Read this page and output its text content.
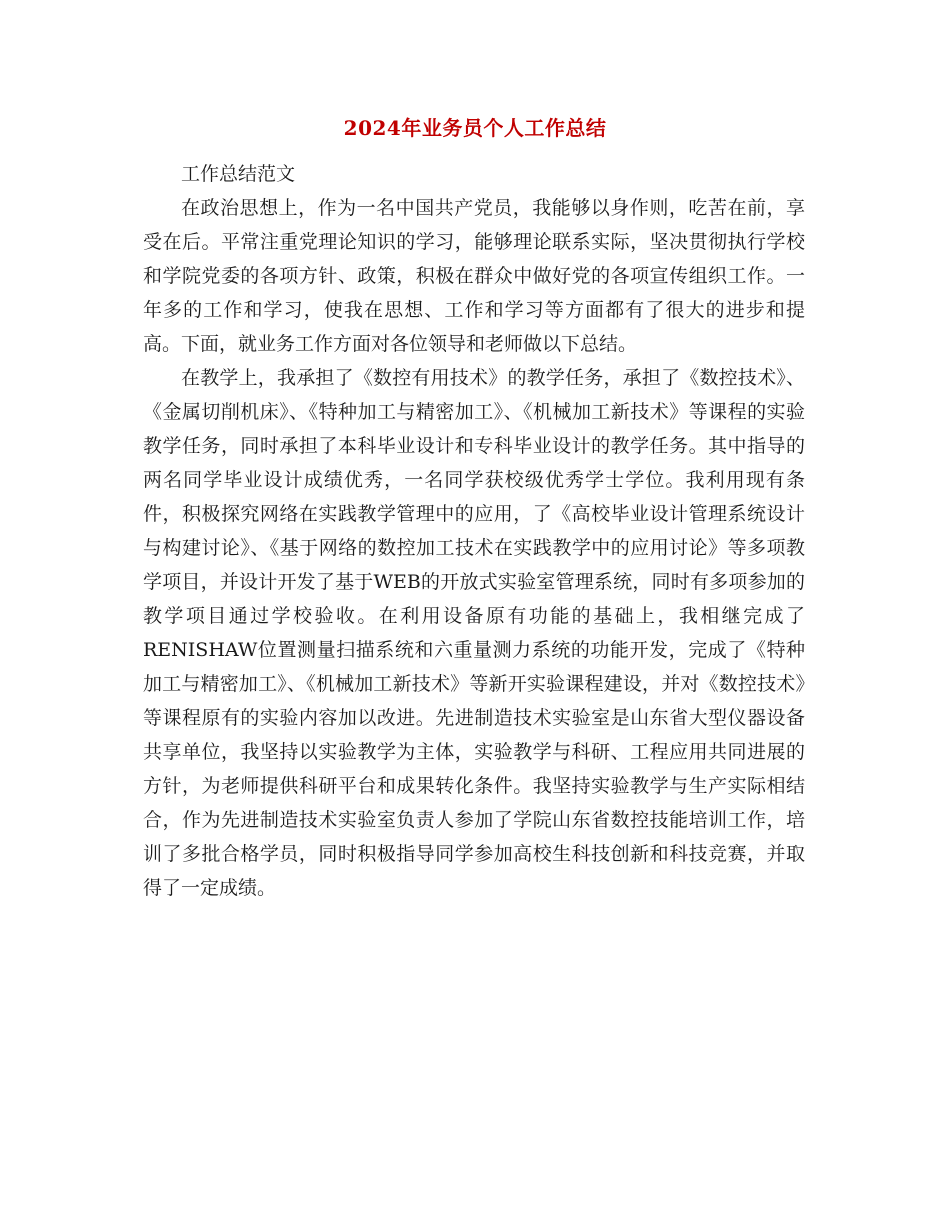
2024年业务员个人工作总结

工作总结范文

在政治思想上，作为一名中国共产党员，我能够以身作则，吃苦在前，享受在后。平常注重党理论知识的学习，能够理论联系实际，坚决贯彻执行学校和学院党委的各项方针、政策，积极在群众中做好党的各项宣传组织工作。一年多的工作和学习，使我在思想、工作和学习等方面都有了很大的进步和提高。下面，就业务工作方面对各位领导和老师做以下总结。

在教学上，我承担了《数控有用技术》的教学任务，承担了《数控技术》、《金属切削机床》、《特种加工与精密加工》、《机械加工新技术》等课程的实验教学任务，同时承担了本科毕业设计和专科毕业设计的教学任务。其中指导的两名同学毕业设计成绩优秀，一名同学获校级优秀学士学位。我利用现有条件，积极探究网络在实践教学管理中的应用，了《高校毕业设计管理系统设计与构建讨论》、《基于网络的数控加工技术在实践教学中的应用讨论》等多项教学项目，并设计开发了基于WEB的开放式实验室管理系统，同时有多项参加的教学项目通过学校验收。在利用设备原有功能的基础上，我相继完成了RENISHAW位置测量扫描系统和六重量测力系统的功能开发，完成了《特种加工与精密加工》、《机械加工新技术》等新开实验课程建设，并对《数控技术》等课程原有的实验内容加以改进。先进制造技术实验室是山东省大型仪器设备共享单位，我坚持以实验教学为主体，实验教学与科研、工程应用共同进展的方针，为老师提供科研平台和成果转化条件。我坚持实验教学与生产实际相结合，作为先进制造技术实验室负责人参加了学院山东省数控技能培训工作，培训了多批合格学员，同时积极指导同学参加高校生科技创新和科技竞赛，并取得了一定成绩。
